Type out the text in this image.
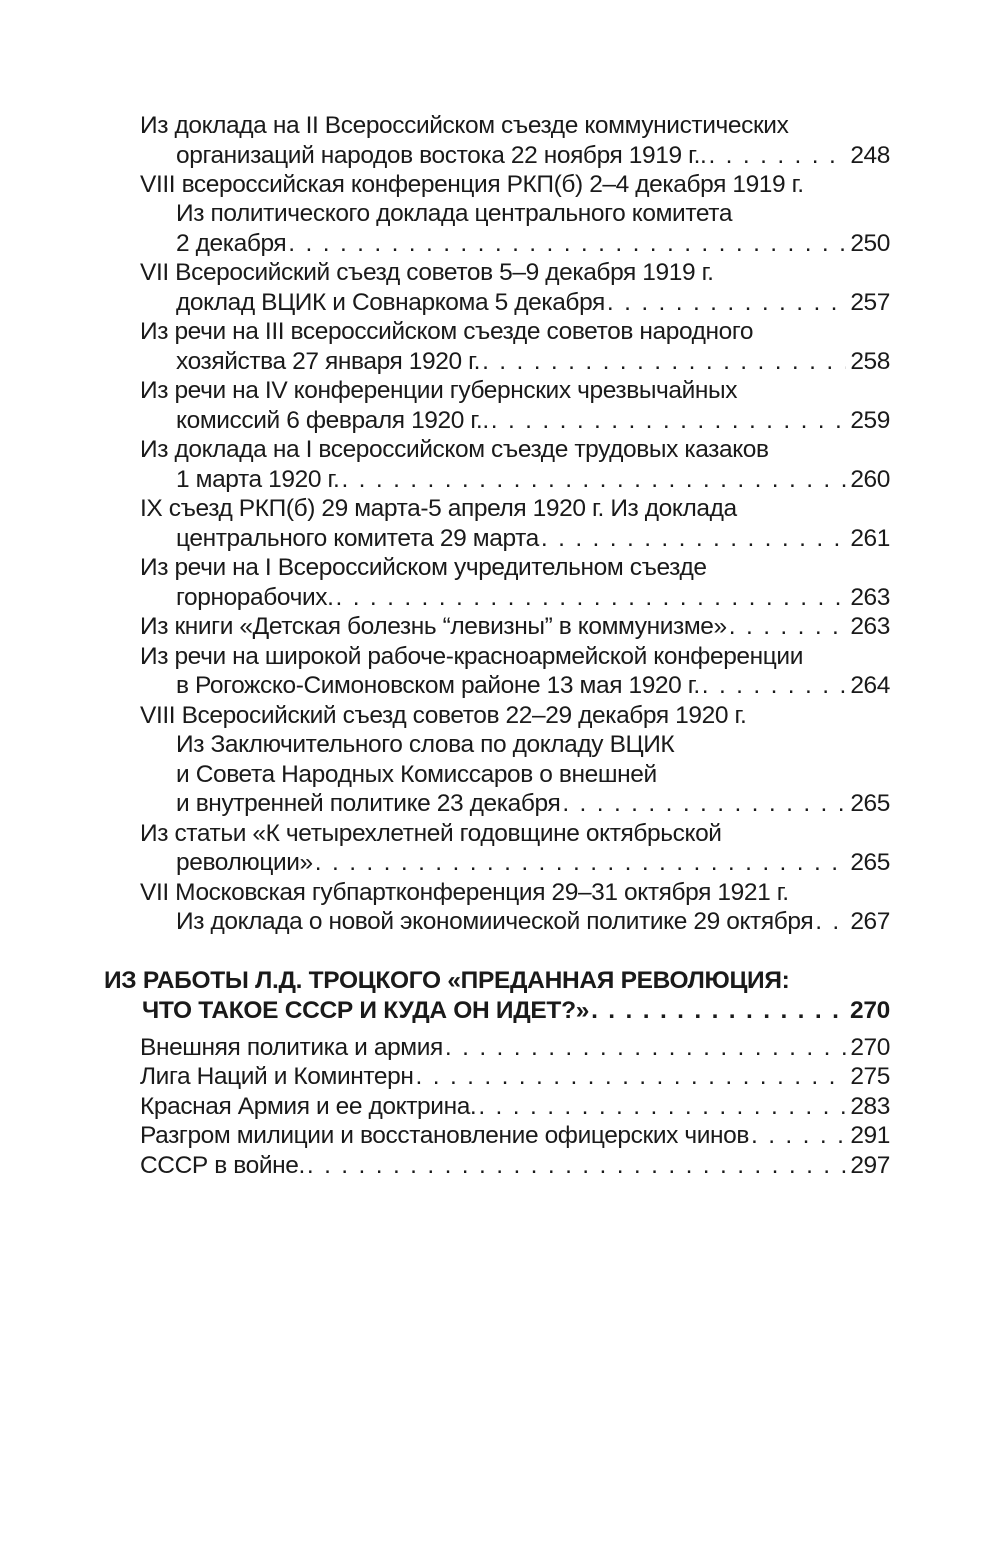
Из доклада на II Всероссийском съезде коммунистических
организаций народов востока 22 ноября 1919 г.. . . .	248
VIII всероссийская конференция РКП(б) 2–4 декабря 1919 г.
Из политического доклада центрального комитета
2 декабря . . .	250
VII Всеросийский съезд советов 5–9 декабря 1919 г.
доклад ВЦИК и Совнаркома 5 декабря . . .	257
Из речи на III всероссийском съезде советов народного
хозяйства 27 января 1920 г. . . .	258
Из речи на IV конференции губернских чрезвычайных
комиссий 6 февраля 1920 г.. . . .	259
Из доклада на I всероссийском съезде трудовых казаков
1 марта 1920 г. . . .	260
IX съезд РКП(б) 29 марта-5 апреля 1920 г. Из доклада
центрального комитета 29 марта . . .	261
Из речи на I Всероссийском учредительном съезде
горнорабочих. . . .	263
Из книги «Детская болезнь “левизны” в коммунизме» . . .	263
Из речи на широкой рабоче-красноармейской конференции
в Рогожско-Симоновском районе 13 мая 1920 г. . . .	264
VIII Всеросийский съезд советов 22–29 декабря 1920 г.
Из Заключительного слова по докладу ВЦИК
и Совета Народных Комиссаров о внешней
и внутренней политике 23 декабря . . .	265
Из статьи «К четырехлетней годовщине октябрьской
революции» . . .	265
VII Московская губпартконференция 29–31 октября 1921 г.
Из доклада о новой экономиической политике 29 октября . . . 267
ИЗ РАБОТЫ Л.Д. ТРОЦКОГО «ПРЕДАННАЯ РЕВОЛЮЦИЯ:
ЧТО ТАКОЕ СССР И КУДА ОН ИДЕТ?» . . .	270
Внешняя политика и армия . . .	270
Лига Наций и Коминтерн . . .	275
Красная Армия и ее доктрина. . . .	283
Разгром милиции и восстановление офицерских чинов . . .	291
СССР в войне. . . .	297
